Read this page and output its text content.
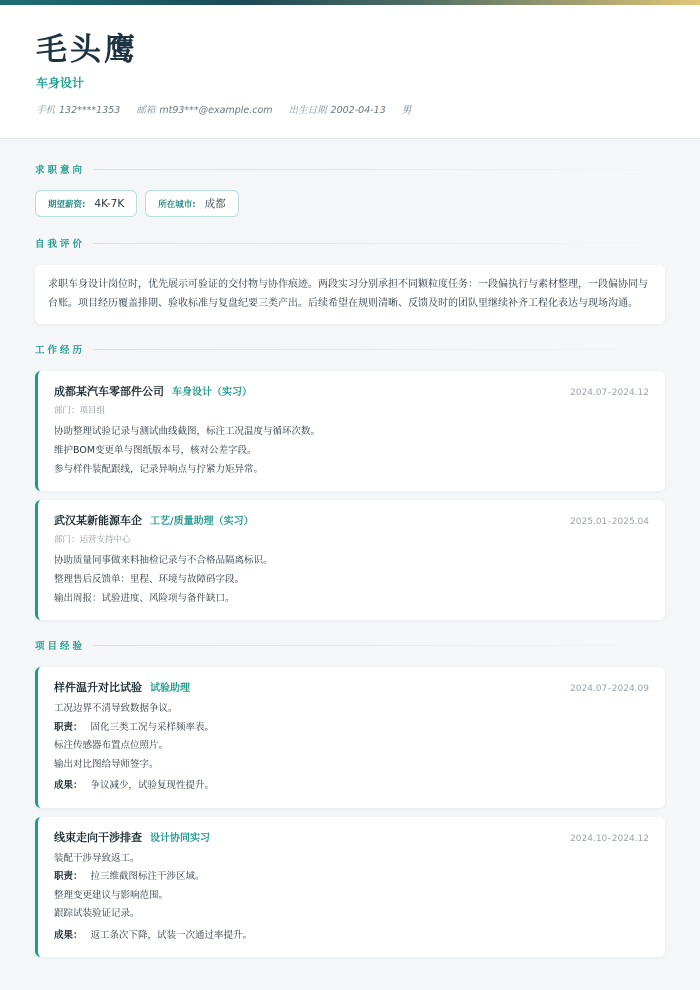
毛头鹰
车身设计
手机 132****1353 邮箱 mt93***@example.com 出生日期 2002-04-13 男
求职意向
期望薪资: 4K-7K	所在城市: 成都
自我评价
求职车身设计岗位时，优先展示可验证的交付物与协作痕迹。两段实习分别承担不同颗粒度任务：一段偏执行与素材整理，一段偏协同与台账。项目经历覆盖排期、验收标准与复盘纪要三类产出。后续希望在规则清晰、反馈及时的团队里继续补齐工程化表达与现场沟通。
工作经历
成都某汽车零部件公司 车身设计（实习）	2024.07–2024.12
部门：项目组
协助整理试验记录与测试曲线截图，标注工况温度与循环次数。
维护BOM变更单与图纸版本号，核对公差字段。
参与样件装配跟线，记录异响点与拧紧力矩异常。
武汉某新能源车企 工艺/质量助理（实习）	2025.01–2025.04
部门：运营支持中心
协助质量同事做来料抽检记录与不合格品隔离标识。
整理售后反馈单：里程、环境与故障码字段。
输出周报：试验进度、风险项与备件缺口。
项目经验
样件温升对比试验 试验助理	2024.07–2024.09
工况边界不清导致数据争议。
职责： 固化三类工况与采样频率表。
标注传感器布置点位照片。
输出对比图给导师签字。
成果： 争议减少，试验复现性提升。
线束走向干涉排查 设计协同实习	2024.10–2024.12
装配干涉导致返工。
职责： 拉三维截图标注干涉区域。
整理变更建议与影响范围。
跟踪试装验证记录。
成果： 返工条次下降，试装一次通过率提升。
